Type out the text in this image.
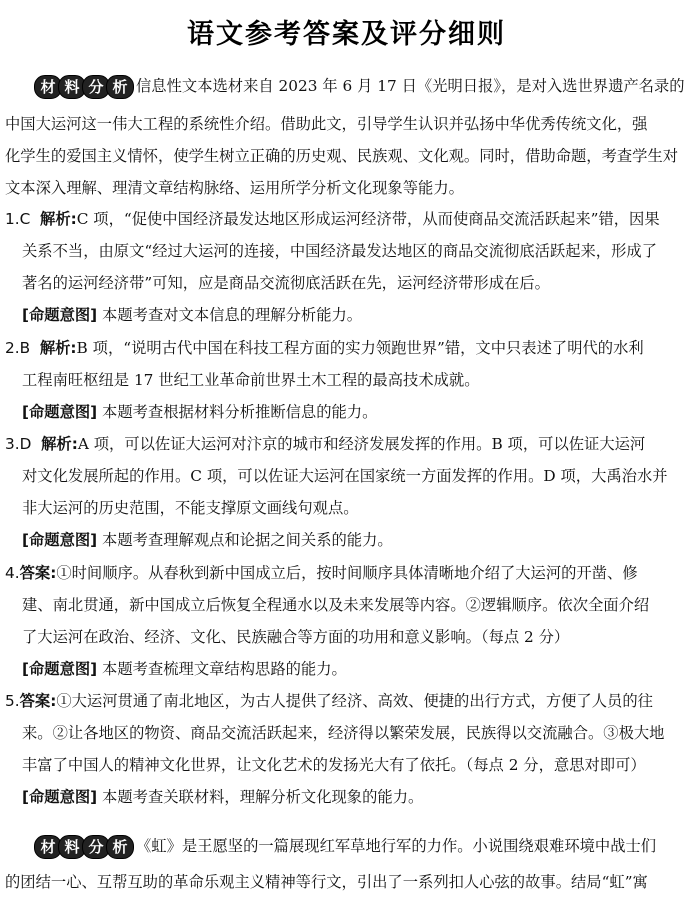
语文参考答案及评分细则
材 料 分 析 信息性文本选材来自 2023 年 6 月 17 日《光明日报》，是对入选世界遗产名录的
中国大运河这一伟大工程的系统性介绍。借助此文，引导学生认识并弘扬中华优秀传统文化，强
化学生的爱国主义情怀，使学生树立正确的历史观、民族观、文化观。同时，借助命题，考查学生对
文本深入理解、理清文章结构脉络、运用所学分析文化现象等能力。
1.C 解析:C 项，“促使中国经济最发达地区形成运河经济带，从而使商品交流活跃起来”错，因果
关系不当，由原文“经过大运河的连接，中国经济最发达地区的商品交流彻底活跃起来，形成了
著名的运河经济带”可知，应是商品交流彻底活跃在先，运河经济带形成在后。
[命题意图] 本题考查对文本信息的理解分析能力。
2.B 解析:B 项，“说明古代中国在科技工程方面的实力领跑世界”错，文中只表述了明代的水利
工程南旺枢纽是 17 世纪工业革命前世界土木工程的最高技术成就。
[命题意图] 本题考查根据材料分析推断信息的能力。
3.D 解析:A 项，可以佐证大运河对汴京的城市和经济发展发挥的作用。B 项，可以佐证大运河
对文化发展所起的作用。C 项，可以佐证大运河在国家统一方面发挥的作用。D 项，大禹治水并
非大运河的历史范围，不能支撑原文画线句观点。
[命题意图] 本题考查理解观点和论据之间关系的能力。
4.答案:①时间顺序。从春秋到新中国成立后，按时间顺序具体清晰地介绍了大运河的开凿、修
建、南北贯通，新中国成立后恢复全程通水以及未来发展等内容。②逻辑顺序。依次全面介绍
了大运河在政治、经济、文化、民族融合等方面的功用和意义影响。（每点 2 分）
[命题意图] 本题考查梳理文章结构思路的能力。
5.答案:①大运河贯通了南北地区，为古人提供了经济、高效、便捷的出行方式，方便了人员的往
来。②让各地区的物资、商品交流活跃起来，经济得以繁荣发展，民族得以交流融合。③极大地
丰富了中国人的精神文化世界，让文化艺术的发扬光大有了依托。（每点 2 分，意思对即可）
[命题意图] 本题考查关联材料，理解分析文化现象的能力。
材 料 分 析 《虹》是王愿坚的一篇展现红军草地行军的力作。小说围绕艰难环境中战士们
的团结一心、互帮互助的革命乐观主义精神等行文，引出了一系列扣人心弦的故事。结局“虹”寓
